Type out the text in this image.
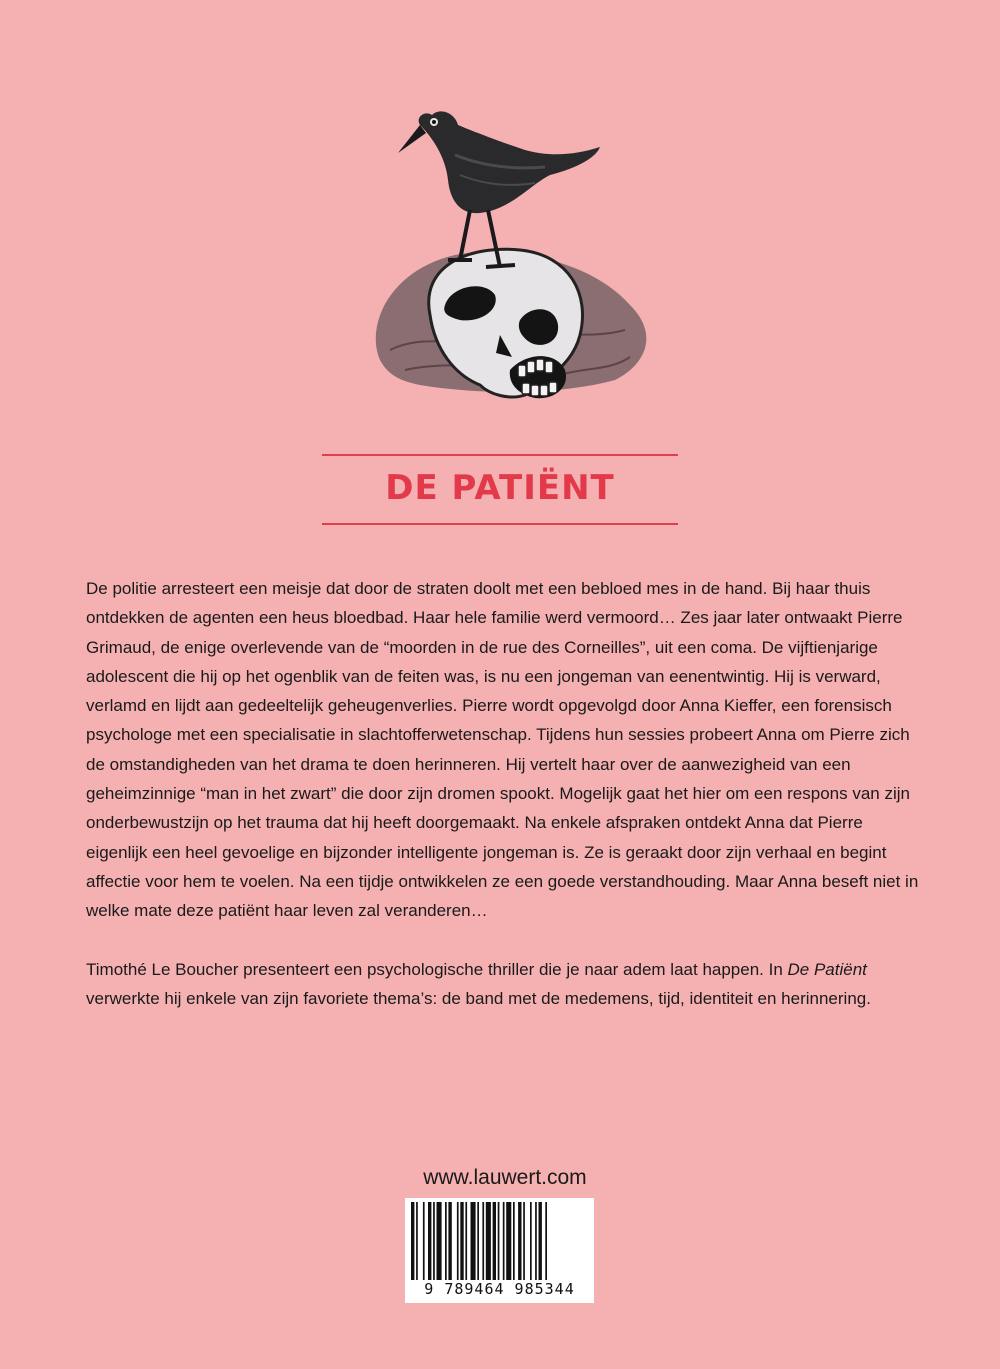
DE PATIËNT

De politie arresteert een meisje dat door de straten doolt met een bebloed mes in de hand. Bij haar thuis ontdekken de agenten een heus bloedbad. Haar hele familie werd vermoord… Zes jaar later ontwaakt Pierre Grimaud, de enige overlevende van de “moorden in de rue des Corneilles”, uit een coma. De vijftienjarige adolescent die hij op het ogenblik van de feiten was, is nu een jongeman van eenentwintig. Hij is verward, verlamd en lijdt aan gedeeltelijk geheugenverlies. Pierre wordt opgevolgd door Anna Kieffer, een forensisch psychologe met een specialisatie in slachtofferwetenschap. Tijdens hun sessies probeert Anna om Pierre zich de omstandigheden van het drama te doen herinneren. Hij vertelt haar over de aanwezigheid van een geheimzinnige “man in het zwart” die door zijn dromen spookt. Mogelijk gaat het hier om een respons van zijn onderbewustzijn op het trauma dat hij heeft doorgemaakt. Na enkele afspraken ontdekt Anna dat Pierre eigenlijk een heel gevoelige en bijzonder intelligente jongeman is. Ze is geraakt door zijn verhaal en begint affectie voor hem te voelen. Na een tijdje ontwikkelen ze een goede verstandhouding. Maar Anna beseft niet in welke mate deze patiënt haar leven zal veranderen…

Timothé Le Boucher presenteert een psychologische thriller die je naar adem laat happen. In De Patiënt verwerkte hij enkele van zijn favoriete thema’s: de band met de medemens, tijd, identiteit en herinnering.

www.lauwert.com
9 789464 985344
